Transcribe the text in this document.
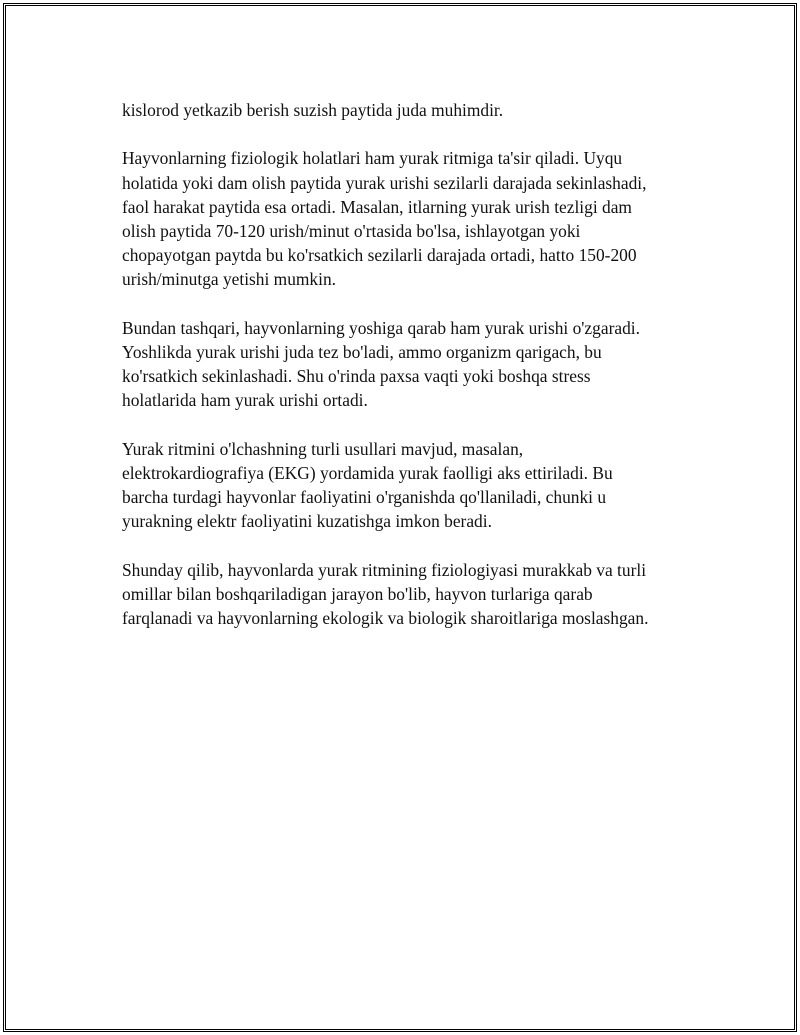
kislorod yetkazib berish suzish paytida juda muhimdir.

Hayvonlarning fiziologik holatlari ham yurak ritmiga ta'sir qiladi. Uyqu
holatida yoki dam olish paytida yurak urishi sezilarli darajada sekinlashadi,
faol harakat paytida esa ortadi. Masalan, itlarning yurak urish tezligi dam
olish paytida 70-120 urish/minut o'rtasida bo'lsa, ishlayotgan yoki
chopayotgan paytda bu ko'rsatkich sezilarli darajada ortadi, hatto 150-200
urish/minutga yetishi mumkin.

Bundan tashqari, hayvonlarning yoshiga qarab ham yurak urishi o'zgaradi.
Yoshlikda yurak urishi juda tez bo'ladi, ammo organizm qarigach, bu
ko'rsatkich sekinlashadi. Shu o'rinda paxsa vaqti yoki boshqa stress
holatlarida ham yurak urishi ortadi.

Yurak ritmini o'lchashning turli usullari mavjud, masalan,
elektrokardiografiya (EKG) yordamida yurak faolligi aks ettiriladi. Bu
barcha turdagi hayvonlar faoliyatini o'rganishda qo'llaniladi, chunki u
yurakning elektr faoliyatini kuzatishga imkon beradi.

Shunday qilib, hayvonlarda yurak ritmining fiziologiyasi murakkab va turli
omillar bilan boshqariladigan jarayon bo'lib, hayvon turlariga qarab
farqlanadi va hayvonlarning ekologik va biologik sharoitlariga moslashgan.
